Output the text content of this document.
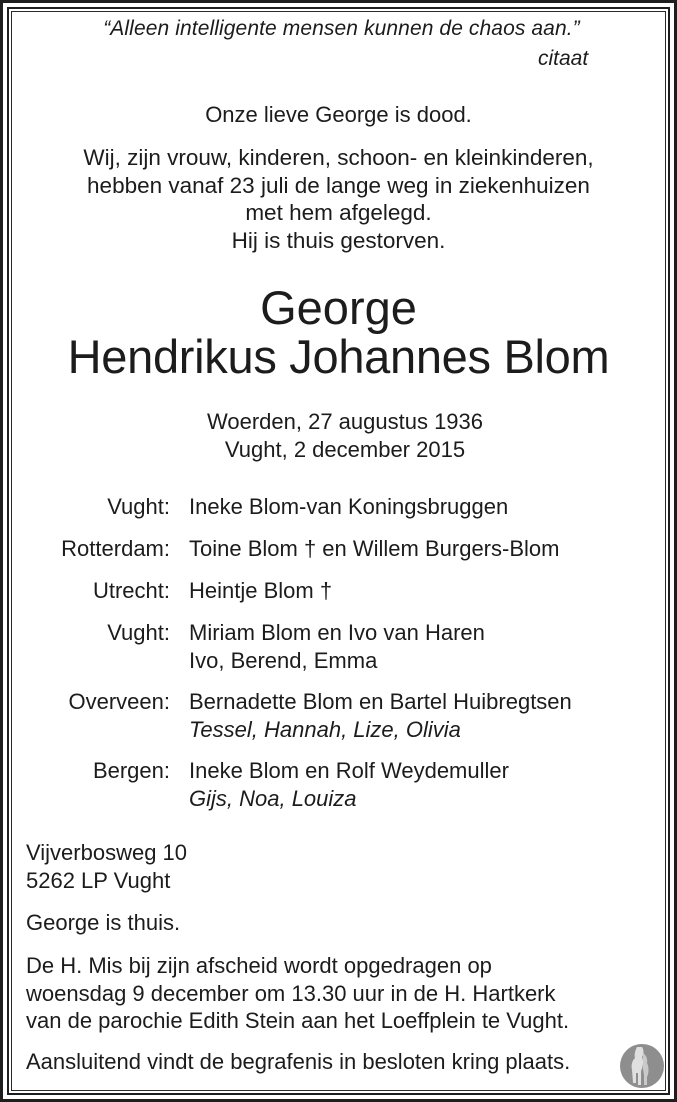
“Alleen intelligente mensen kunnen de chaos aan.”
citaat
Onze lieve George is dood.
Wij, zijn vrouw, kinderen, schoon- en kleinkinderen,
hebben vanaf 23 juli de lange weg in ziekenhuizen
met hem afgelegd.
Hij is thuis gestorven.
George
Hendrikus Johannes Blom
Woerden, 27 augustus 1936
Vught, 2 december 2015
Vught: Ineke Blom-van Koningsbruggen
Rotterdam: Toine Blom † en Willem Burgers-Blom
Utrecht: Heintje Blom †
Vught: Miriam Blom en Ivo van Haren
Ivo, Berend, Emma
Overveen: Bernadette Blom en Bartel Huibregtsen
Tessel, Hannah, Lize, Olivia
Bergen: Ineke Blom en Rolf Weydemuller
Gijs, Noa, Louiza
Vijverbosweg 10
5262 LP Vught
George is thuis.
De H. Mis bij zijn afscheid wordt opgedragen op
woensdag 9 december om 13.30 uur in de H. Hartkerk
van de parochie Edith Stein aan het Loeffplein te Vught.
Aansluitend vindt de begrafenis in besloten kring plaats.
